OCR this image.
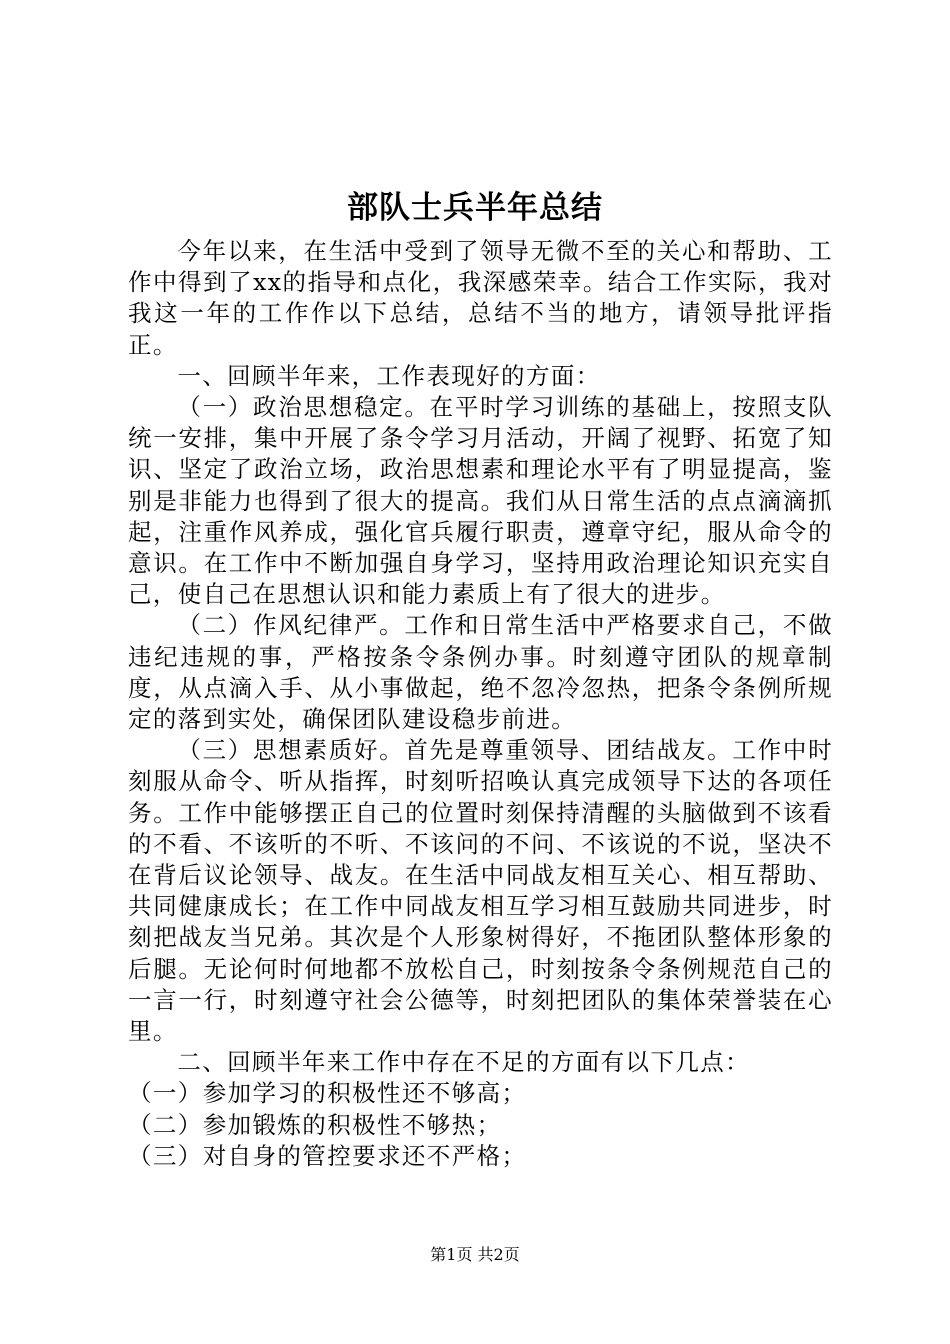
部队士兵半年总结

今年以来，在生活中受到了领导无微不至的关心和帮助、工作中得到了xx的指导和点化，我深感荣幸。结合工作实际，我对我这一年的工作作以下总结，总结不当的地方，请领导批评指正。

一、回顾半年来，工作表现好的方面：

（一）政治思想稳定。在平时学习训练的基础上，按照支队统一安排，集中开展了条令学习月活动，开阔了视野、拓宽了知识、坚定了政治立场，政治思想素和理论水平有了明显提高，鉴别是非能力也得到了很大的提高。我们从日常生活的点点滴滴抓起，注重作风养成，强化官兵履行职责，遵章守纪，服从命令的意识。在工作中不断加强自身学习，坚持用政治理论知识充实自己，使自己在思想认识和能力素质上有了很大的进步。

（二）作风纪律严。工作和日常生活中严格要求自己，不做违纪违规的事，严格按条令条例办事。时刻遵守团队的规章制度，从点滴入手、从小事做起，绝不忽冷忽热，把条令条例所规定的落到实处，确保团队建设稳步前进。

（三）思想素质好。首先是尊重领导、团结战友。工作中时刻服从命令、听从指挥，时刻听招唤认真完成领导下达的各项任务。工作中能够摆正自己的位置时刻保持清醒的头脑做到不该看的不看、不该听的不听、不该问的不问、不该说的不说，坚决不在背后议论领导、战友。在生活中同战友相互关心、相互帮助、共同健康成长；在工作中同战友相互学习相互鼓励共同进步，时刻把战友当兄弟。其次是个人形象树得好，不拖团队整体形象的后腿。无论何时何地都不放松自己，时刻按条令条例规范自己的一言一行，时刻遵守社会公德等，时刻把团队的集体荣誉装在心里。

二、回顾半年来工作中存在不足的方面有以下几点：

（一）参加学习的积极性还不够高；

（二）参加锻炼的积极性不够热；

（三）对自身的管控要求还不严格；

第1页 共2页
